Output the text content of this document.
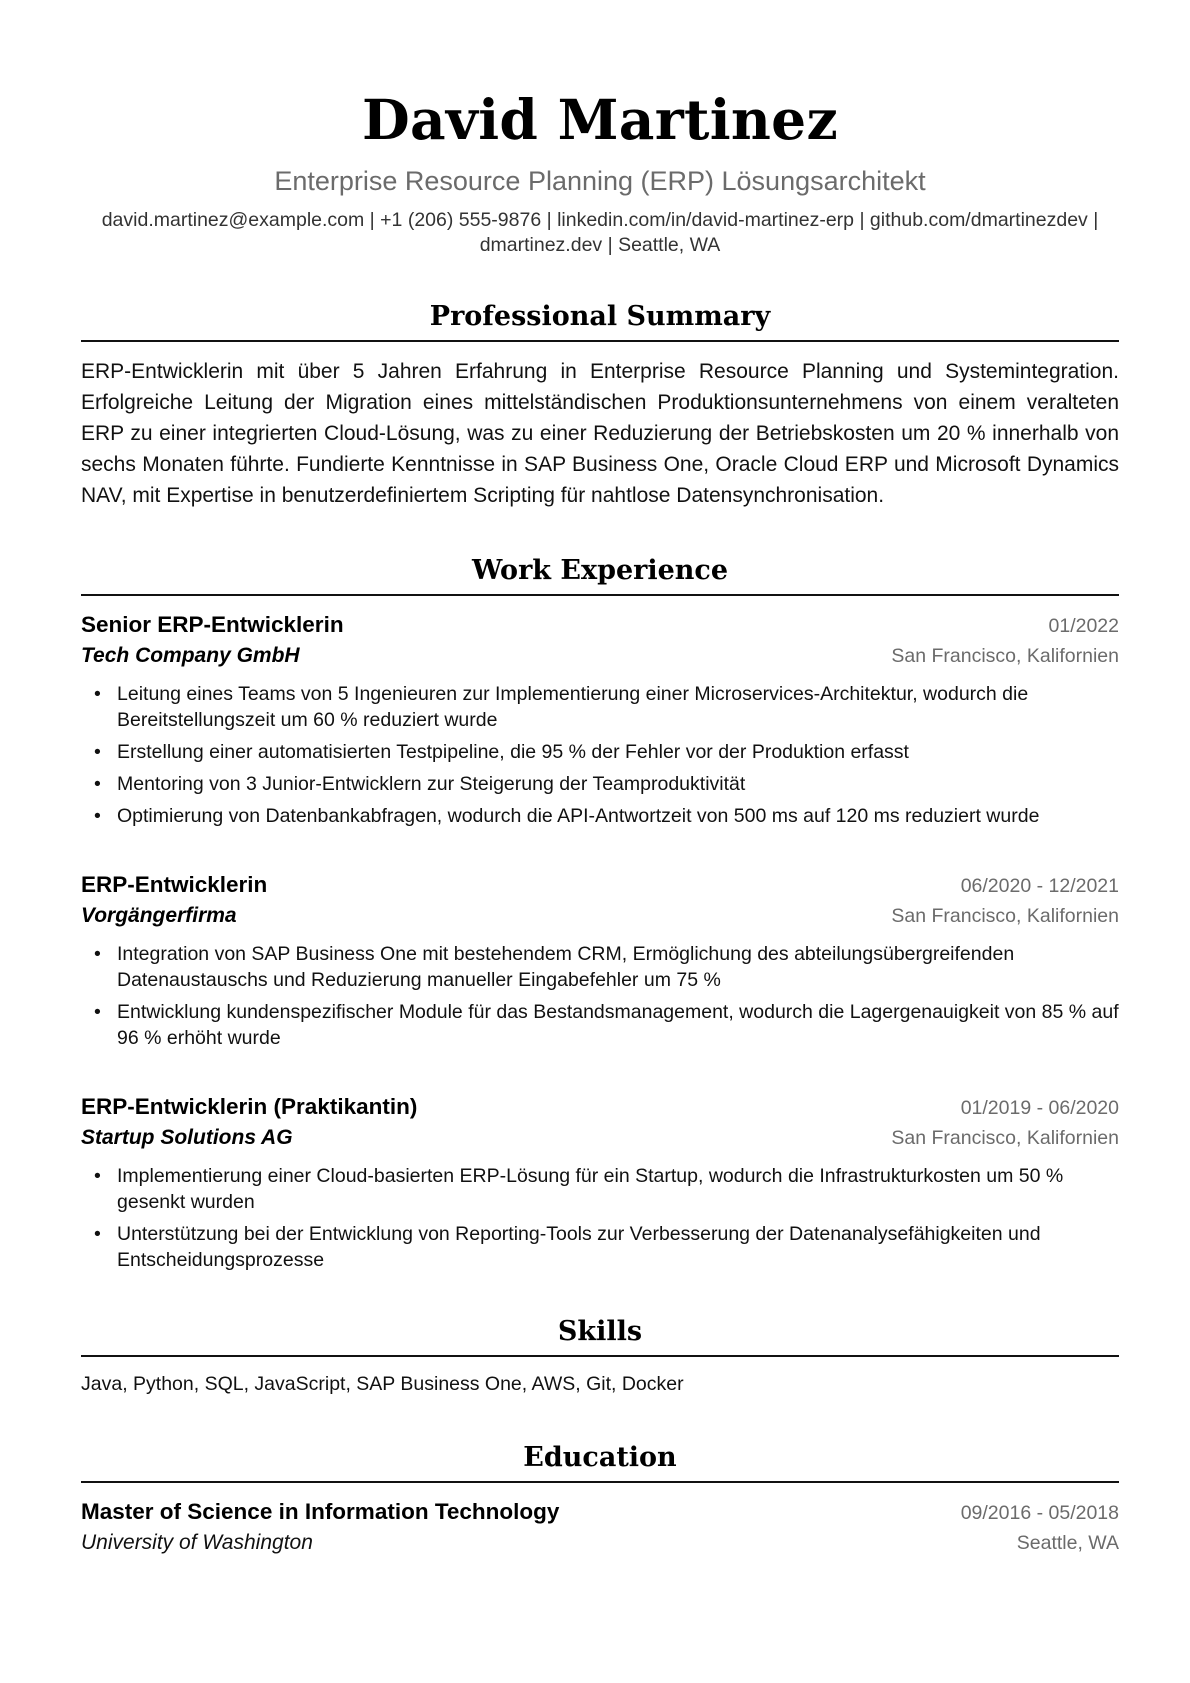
David Martinez
Enterprise Resource Planning (ERP) Lösungsarchitekt
david.martinez@example.com | +1 (206) 555-9876 | linkedin.com/in/david-martinez-erp | github.com/dmartinezdev |
dmartinez.dev | Seattle, WA
Professional Summary
ERP-Entwicklerin mit über 5 Jahren Erfahrung in Enterprise Resource Planning und Systemintegration. Erfolgreiche Leitung der Migration eines mittelständischen Produktionsunternehmens von einem veralteten ERP zu einer integrierten Cloud-Lösung, was zu einer Reduzierung der Betriebskosten um 20 % innerhalb von sechs Monaten führte. Fundierte Kenntnisse in SAP Business One, Oracle Cloud ERP und Microsoft Dynamics NAV, mit Expertise in benutzerdefiniertem Scripting für nahtlose Datensynchronisation.
Work Experience
Senior ERP-Entwicklerin	01/2022
Tech Company GmbH	San Francisco, Kalifornien
• Leitung eines Teams von 5 Ingenieuren zur Implementierung einer Microservices-Architektur, wodurch die Bereitstellungszeit um 60 % reduziert wurde
• Erstellung einer automatisierten Testpipeline, die 95 % der Fehler vor der Produktion erfasst
• Mentoring von 3 Junior-Entwicklern zur Steigerung der Teamproduktivität
• Optimierung von Datenbankabfragen, wodurch die API-Antwortzeit von 500 ms auf 120 ms reduziert wurde
ERP-Entwicklerin	06/2020 - 12/2021
Vorgängerfirma	San Francisco, Kalifornien
• Integration von SAP Business One mit bestehendem CRM, Ermöglichung des abteilungsübergreifenden Datenaustauschs und Reduzierung manueller Eingabefehler um 75 %
• Entwicklung kundenspezifischer Module für das Bestandsmanagement, wodurch die Lagergenauigkeit von 85 % auf 96 % erhöht wurde
ERP-Entwicklerin (Praktikantin)	01/2019 - 06/2020
Startup Solutions AG	San Francisco, Kalifornien
• Implementierung einer Cloud-basierten ERP-Lösung für ein Startup, wodurch die Infrastrukturkosten um 50 % gesenkt wurden
• Unterstützung bei der Entwicklung von Reporting-Tools zur Verbesserung der Datenanalysefähigkeiten und Entscheidungsprozesse
Skills
Java, Python, SQL, JavaScript, SAP Business One, AWS, Git, Docker
Education
Master of Science in Information Technology	09/2016 - 05/2018
University of Washington	Seattle, WA
